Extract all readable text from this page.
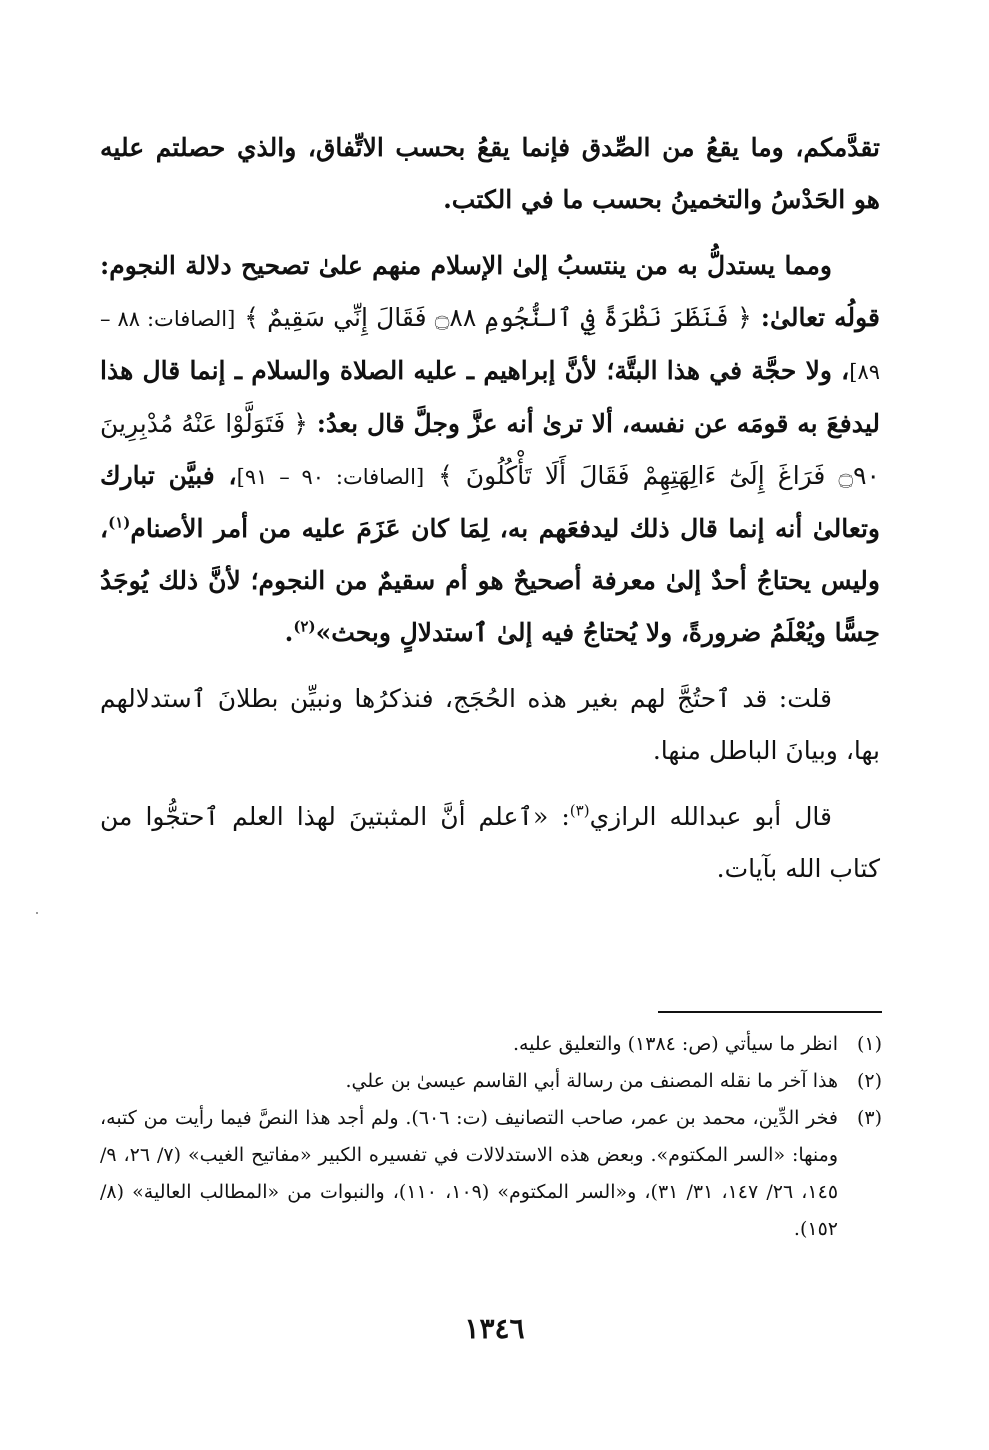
تقدَّمكم، وما يقعُ من الصِّدق فإنما يقعُ بحسب الاتِّفاق، والذي حصلتم عليه هو الحَدْسُ والتخمينُ بحسب ما في الكتب.

ومما يستدلُّ به من ينتسبُ إلىٰ الإسلام منهم علىٰ تصحيح دلالة النجوم: قولُه تعالىٰ: ﴿ فَنَظَرَ نَظْرَةً فِي ٱلنُّجُومِ ۝٨٨ فَقَالَ إِنِّي سَقِيمٌ ﴾ [الصافات: ٨٨ – ٨٩]، ولا حجَّة في هذا البتَّة؛ لأنَّ إبراهيم ـ عليه الصلاة والسلام ـ إنما قال هذا ليدفعَ به قومَه عن نفسه، ألا ترىٰ أنه عزَّ وجلَّ قال بعدُ: ﴿ فَتَوَلَّوْا عَنْهُ مُدْبِرِينَ ۝٩٠ فَرَاغَ إِلَىٰٓ ءَالِهَتِهِمْ فَقَالَ أَلَا تَأْكُلُونَ ﴾ [الصافات: ٩٠ – ٩١]، فبيَّن تبارك وتعالىٰ أنه إنما قال ذلك ليدفعَهم به، لِمَا كان عَزَمَ عليه من أمر الأصنام$^{(١)}$، وليس يحتاجُ أحدٌ إلىٰ معرفة أصحيحٌ هو أم سقيمٌ من النجوم؛ لأنَّ ذلك يُوجَدُ حِسًّا ويُعْلَمُ ضرورةً، ولا يُحتاجُ فيه إلىٰ ٱستدلالٍ وبحث»$^{(٢)}$.

قلت: قد ٱحتُجَّ لهم بغير هذه الحُجَج، فنذكرُها ونبيِّن بطلانَ ٱستدلالهم بها، وبيانَ الباطل منها.

قال أبو عبدالله الرازي$^{(٣)}$: «ٱعلم أنَّ المثبتينَ لهذا العلم ٱحتجُّوا من كتاب الله بآيات.

(١)
انظر ما سيأتي (ص: ١٣٨٤) والتعليق عليه.
(٢)
هذا آخر ما نقله المصنف من رسالة أبي القاسم عيسىٰ بن علي.
(٣)
فخر الدِّين، محمد بن عمر، صاحب التصانيف (ت: ٦٠٦). ولم أجد هذا النصَّ فيما رأيت من كتبه، ومنها: «السر المكتوم». وبعض هذه الاستدلالات في تفسيره الكبير «مفاتيح الغيب» (٧/ ٢٦، ٩/ ١٤٥، ٢٦/ ١٤٧، ٣١/ ٣١)، و«السر المكتوم» (١٠٩، ١١٠)، والنبوات من «المطالب العالية» (٨/ ١٥٢).
١٣٤٦
